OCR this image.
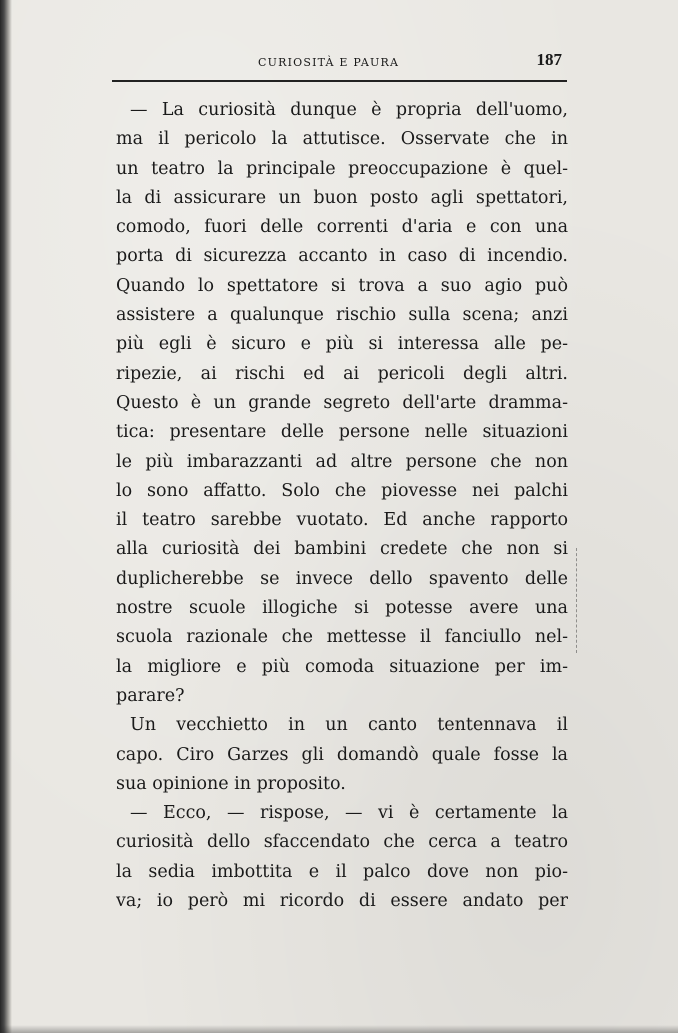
CURIOSITÀ E PAURA	187
— La curiosità dunque è propria dell'uomo,
ma il pericolo la attutisce. Osservate che in
un teatro la principale preoccupazione è quel-
la di assicurare un buon posto agli spettatori,
comodo, fuori delle correnti d'aria e con una
porta di sicurezza accanto in caso di incendio.
Quando lo spettatore si trova a suo agio può
assistere a qualunque rischio sulla scena; anzi
più egli è sicuro e più si interessa alle pe-
ripezie, ai rischi ed ai pericoli degli altri.
Questo è un grande segreto dell'arte dramma-
tica: presentare delle persone nelle situazioni
le più imbarazzanti ad altre persone che non
lo sono affatto. Solo che piovesse nei palchi
il teatro sarebbe vuotato. Ed anche rapporto
alla curiosità dei bambini credete che non si
duplicherebbe se invece dello spavento delle
nostre scuole illogiche si potesse avere una
scuola razionale che mettesse il fanciullo nel-
la migliore e più comoda situazione per im-
parare?
Un vecchietto in un canto tentennava il
capo. Ciro Garzes gli domandò quale fosse la
sua opinione in proposito.
— Ecco, — rispose, — vi è certamente la
curiosità dello sfaccendato che cerca a teatro
la sedia imbottita e il palco dove non pio-
va; io però mi ricordo di essere andato per
